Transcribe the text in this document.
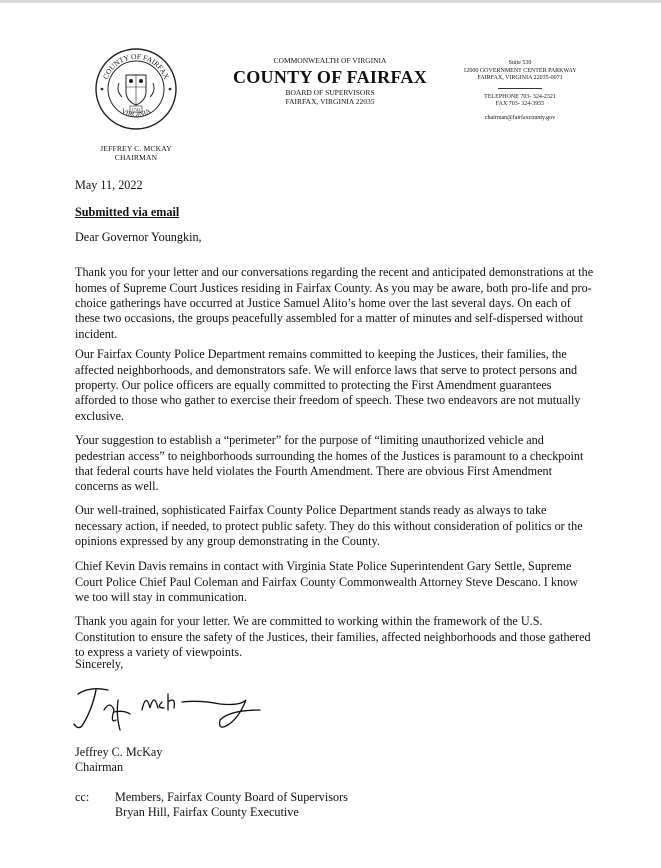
COUNTY OF FAIRFAX
VIRGINIA
1742
JEFFREY C. MCKAY
CHAIRMAN
COMMONWEALTH OF VIRGINIA
COUNTY OF FAIRFAX
BOARD OF SUPERVISORS
FAIRFAX, VIRGINIA 22035
Suite 530
12000 GOVERNMENT CENTER PARKWAY
FAIRFAX, VIRGINIA 22035-0071
TELEPHONE 703- 324-2321
FAX 703- 324-3955
chairman@fairfaxcounty.gov
May 11, 2022
Submitted via email
Dear Governor Youngkin,

Thank you for your letter and our conversations regarding the recent and anticipated demonstrations at the homes of Supreme Court Justices residing in Fairfax County. As you may be aware, both pro-life and pro-choice gatherings have occurred at Justice Samuel Alito’s home over the last several days. On each of these two occasions, the groups peacefully assembled for a matter of minutes and self-dispersed without incident.

Our Fairfax County Police Department remains committed to keeping the Justices, their families, the affected neighborhoods, and demonstrators safe. We will enforce laws that serve to protect persons and property. Our police officers are equally committed to protecting the First Amendment guarantees afforded to those who gather to exercise their freedom of speech. These two endeavors are not mutually exclusive.

Your suggestion to establish a “perimeter” for the purpose of “limiting unauthorized vehicle and pedestrian access” to neighborhoods surrounding the homes of the Justices is paramount to a checkpoint that federal courts have held violates the Fourth Amendment. There are obvious First Amendment concerns as well.

Our well-trained, sophisticated Fairfax County Police Department stands ready as always to take necessary action, if needed, to protect public safety. They do this without consideration of politics or the opinions expressed by any group demonstrating in the County.

Chief Kevin Davis remains in contact with Virginia State Police Superintendent Gary Settle, Supreme Court Police Chief Paul Coleman and Fairfax County Commonwealth Attorney Steve Descano. I know we too will stay in communication.

Thank you again for your letter. We are committed to working within the framework of the U.S. Constitution to ensure the safety of the Justices, their families, affected neighborhoods and those gathered to express a variety of viewpoints.

Sincerely,
Jeffrey C. McKay
Chairman
cc: Members, Fairfax County Board of Supervisors
Bryan Hill, Fairfax County Executive
